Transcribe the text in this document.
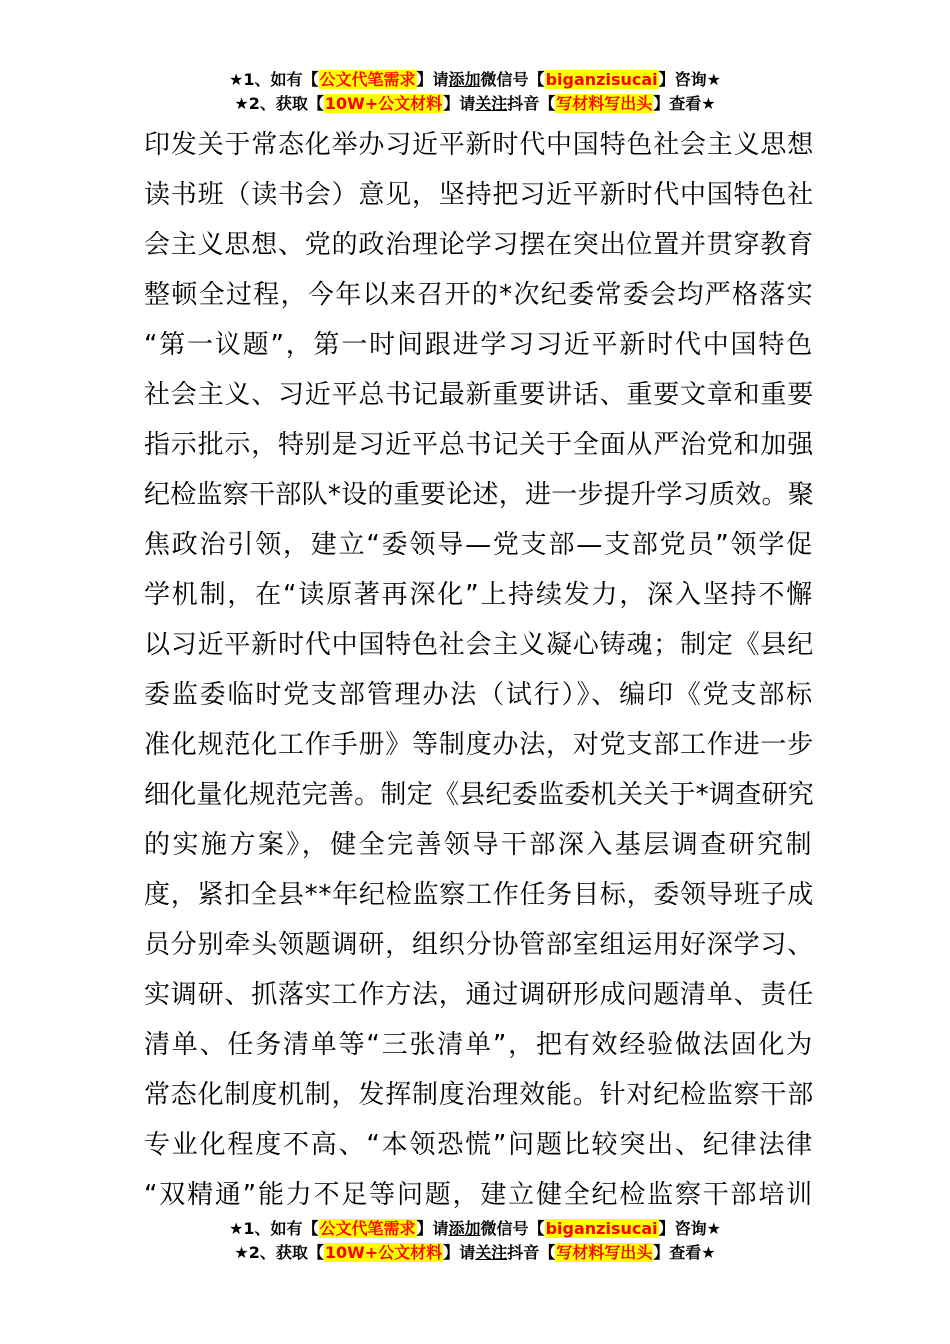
★1、如有【公文代笔需求】请添加微信号【biganzisucai】咨询★
★2、获取【10W+公文材料】请关注抖音【写材料写出头】查看★
印发关于常态化举办习近平新时代中国特色社会主义思想
读书班（读书会）意见，坚持把习近平新时代中国特色社
会主义思想、党的政治理论学习摆在突出位置并贯穿教育
整顿全过程，今年以来召开的*次纪委常委会均严格落实
“第一议题”，第一时间跟进学习习近平新时代中国特色
社会主义、习近平总书记最新重要讲话、重要文章和重要
指示批示，特别是习近平总书记关于全面从严治党和加强
纪检监察干部队*设的重要论述，进一步提升学习质效。聚
焦政治引领，建立“委领导—党支部—支部党员”领学促
学机制，在“读原著再深化”上持续发力，深入坚持不懈
以习近平新时代中国特色社会主义凝心铸魂；制定《县纪
委监委临时党支部管理办法（试行）》、编印《党支部标
准化规范化工作手册》等制度办法，对党支部工作进一步
细化量化规范完善。制定《县纪委监委机关关于*调查研究
的实施方案》，健全完善领导干部深入基层调查研究制
度，紧扣全县**年纪检监察工作任务目标，委领导班子成
员分别牵头领题调研，组织分协管部室组运用好深学习、
实调研、抓落实工作方法，通过调研形成问题清单、责任
清单、任务清单等“三张清单”，把有效经验做法固化为
常态化制度机制，发挥制度治理效能。针对纪检监察干部
专业化程度不高、“本领恐慌”问题比较突出、纪律法律
“双精通”能力不足等问题，建立健全纪检监察干部培训
★1、如有【公文代笔需求】请添加微信号【biganzisucai】咨询★
★2、获取【10W+公文材料】请关注抖音【写材料写出头】查看★
